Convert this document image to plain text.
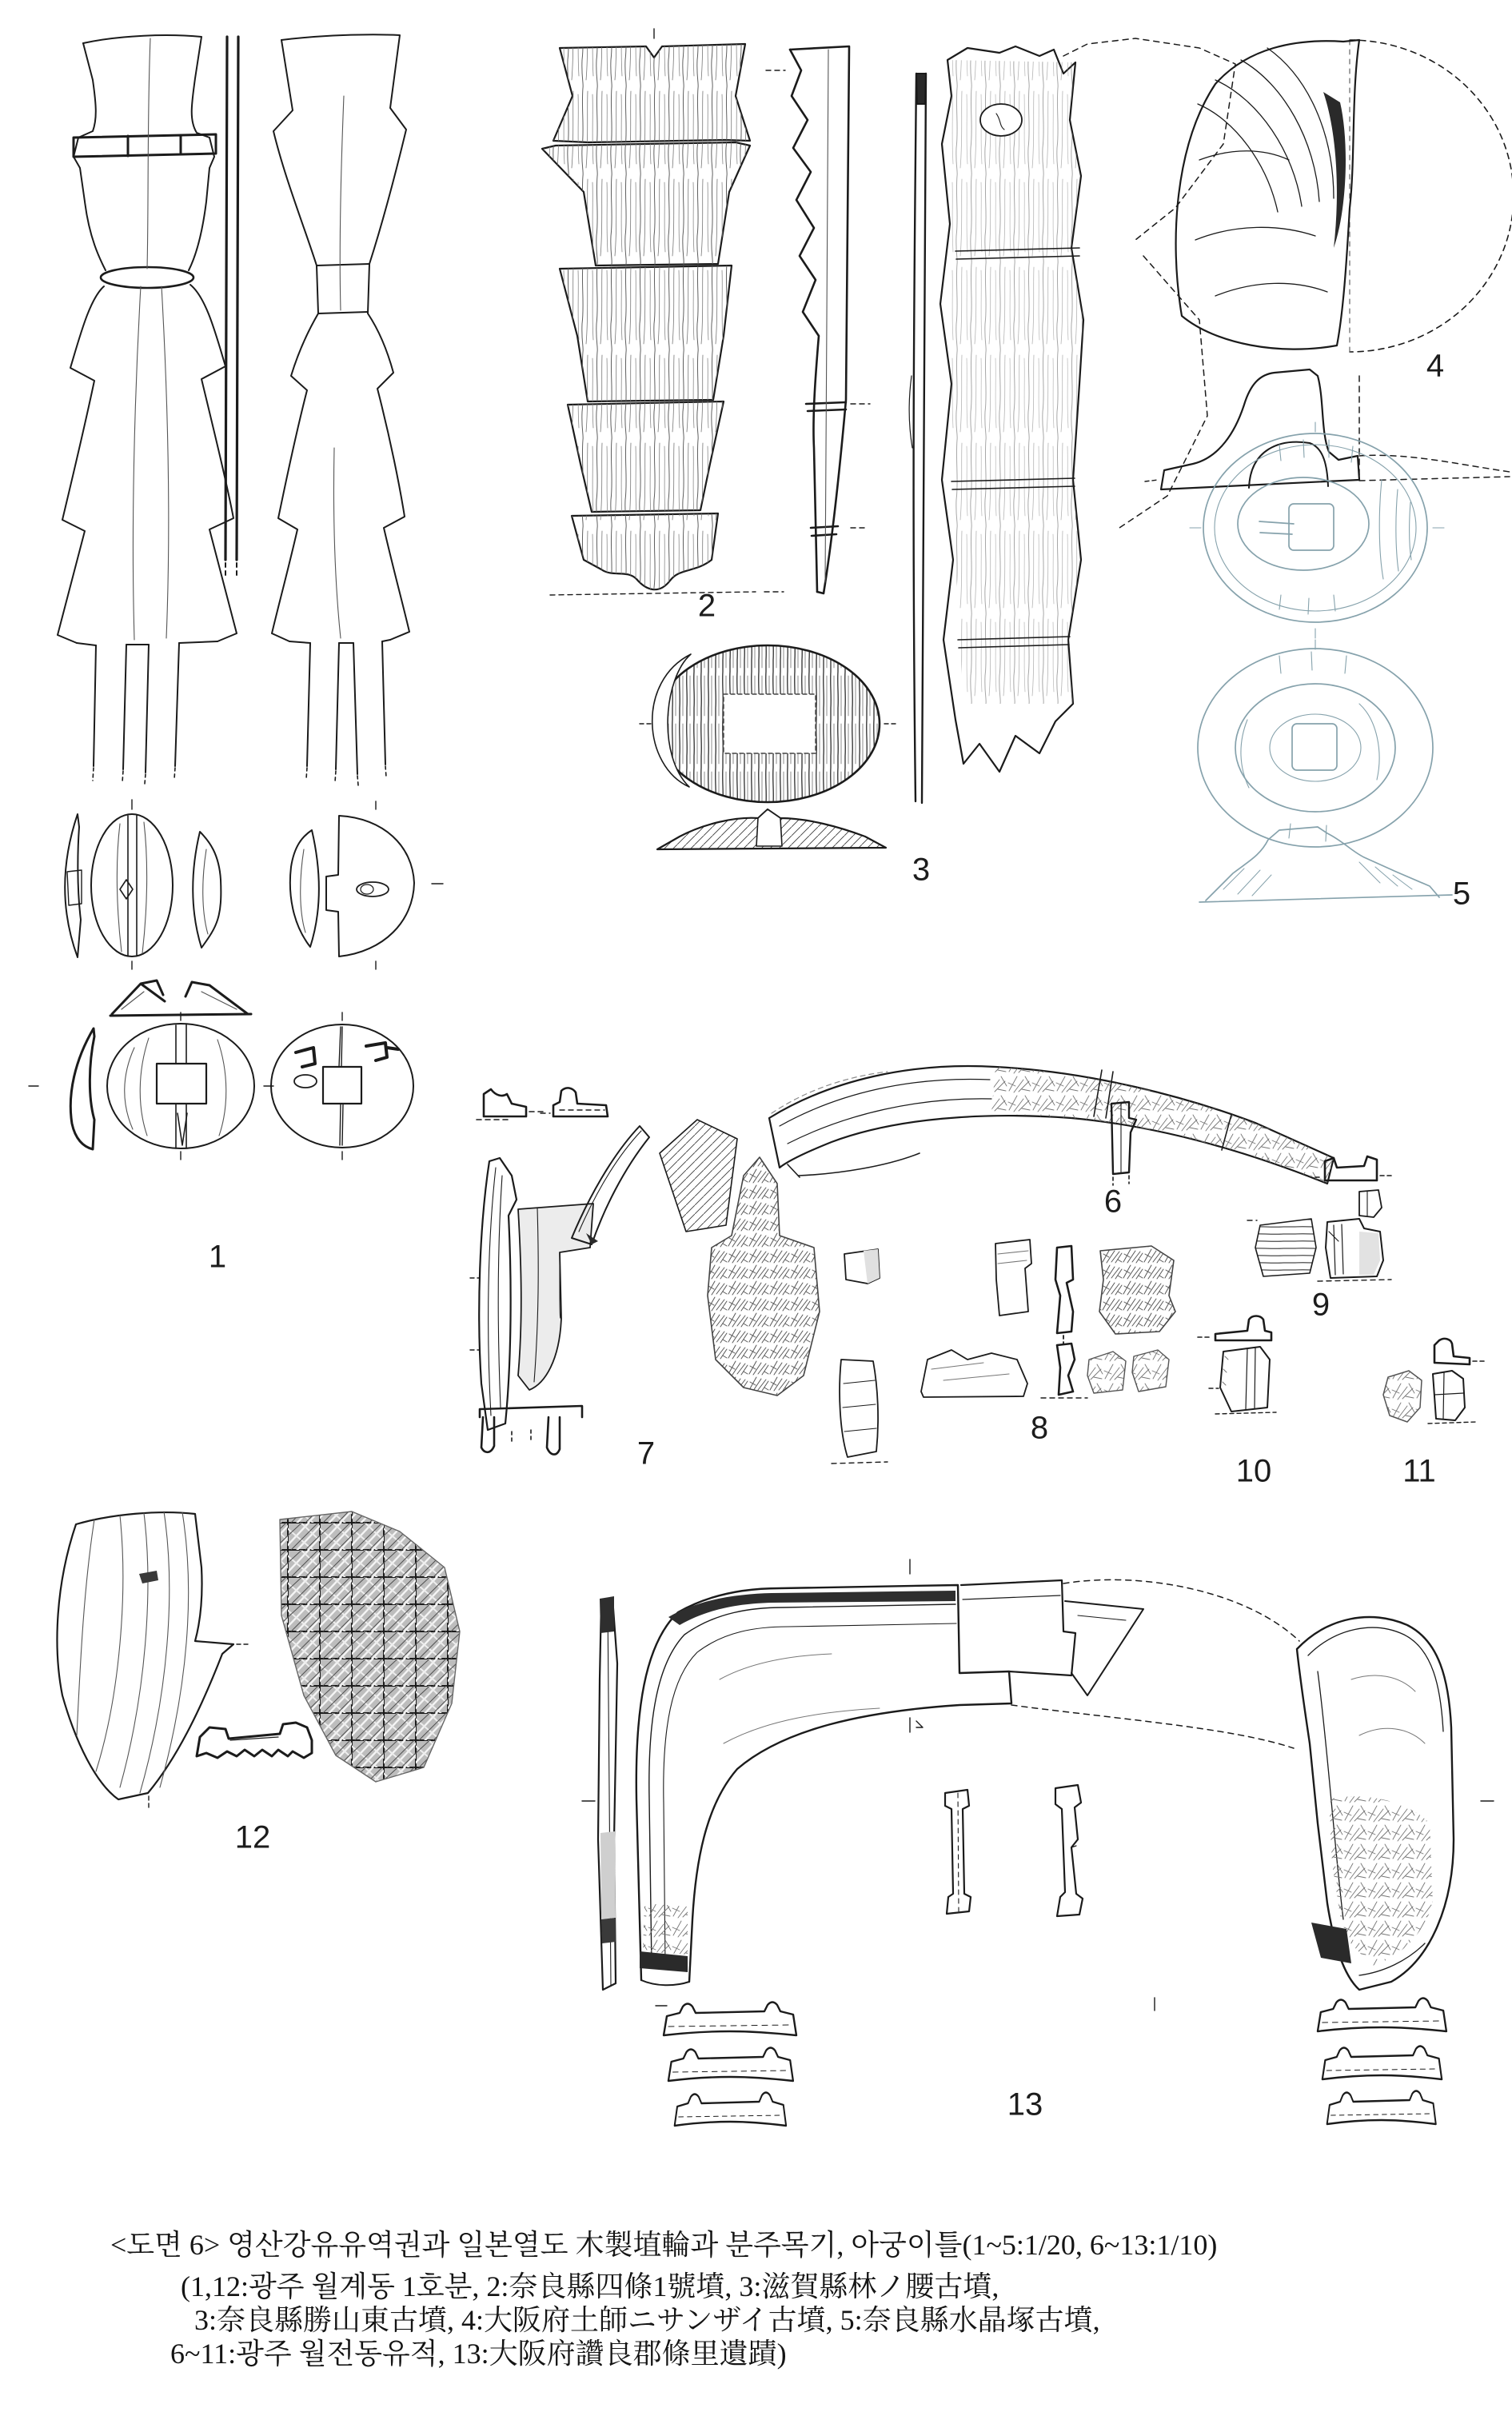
1
2
3
4
5
6
7
8
9
10	11
12
13
<도면 6> 영산강유유역권과 일본열도 木製埴輪과 분주목기, 아궁이틀(1~5:1/20, 6~13:1/10)
(1,12:광주 월계동 1호분, 2:奈良縣四條1號墳, 3:滋賀縣林ノ腰古墳,
3:奈良縣勝山東古墳, 4:大阪府土師ニサンザイ古墳, 5:奈良縣水晶塚古墳,
6~11:광주 월전동유적, 13:大阪府讚良郡條里遺蹟)
